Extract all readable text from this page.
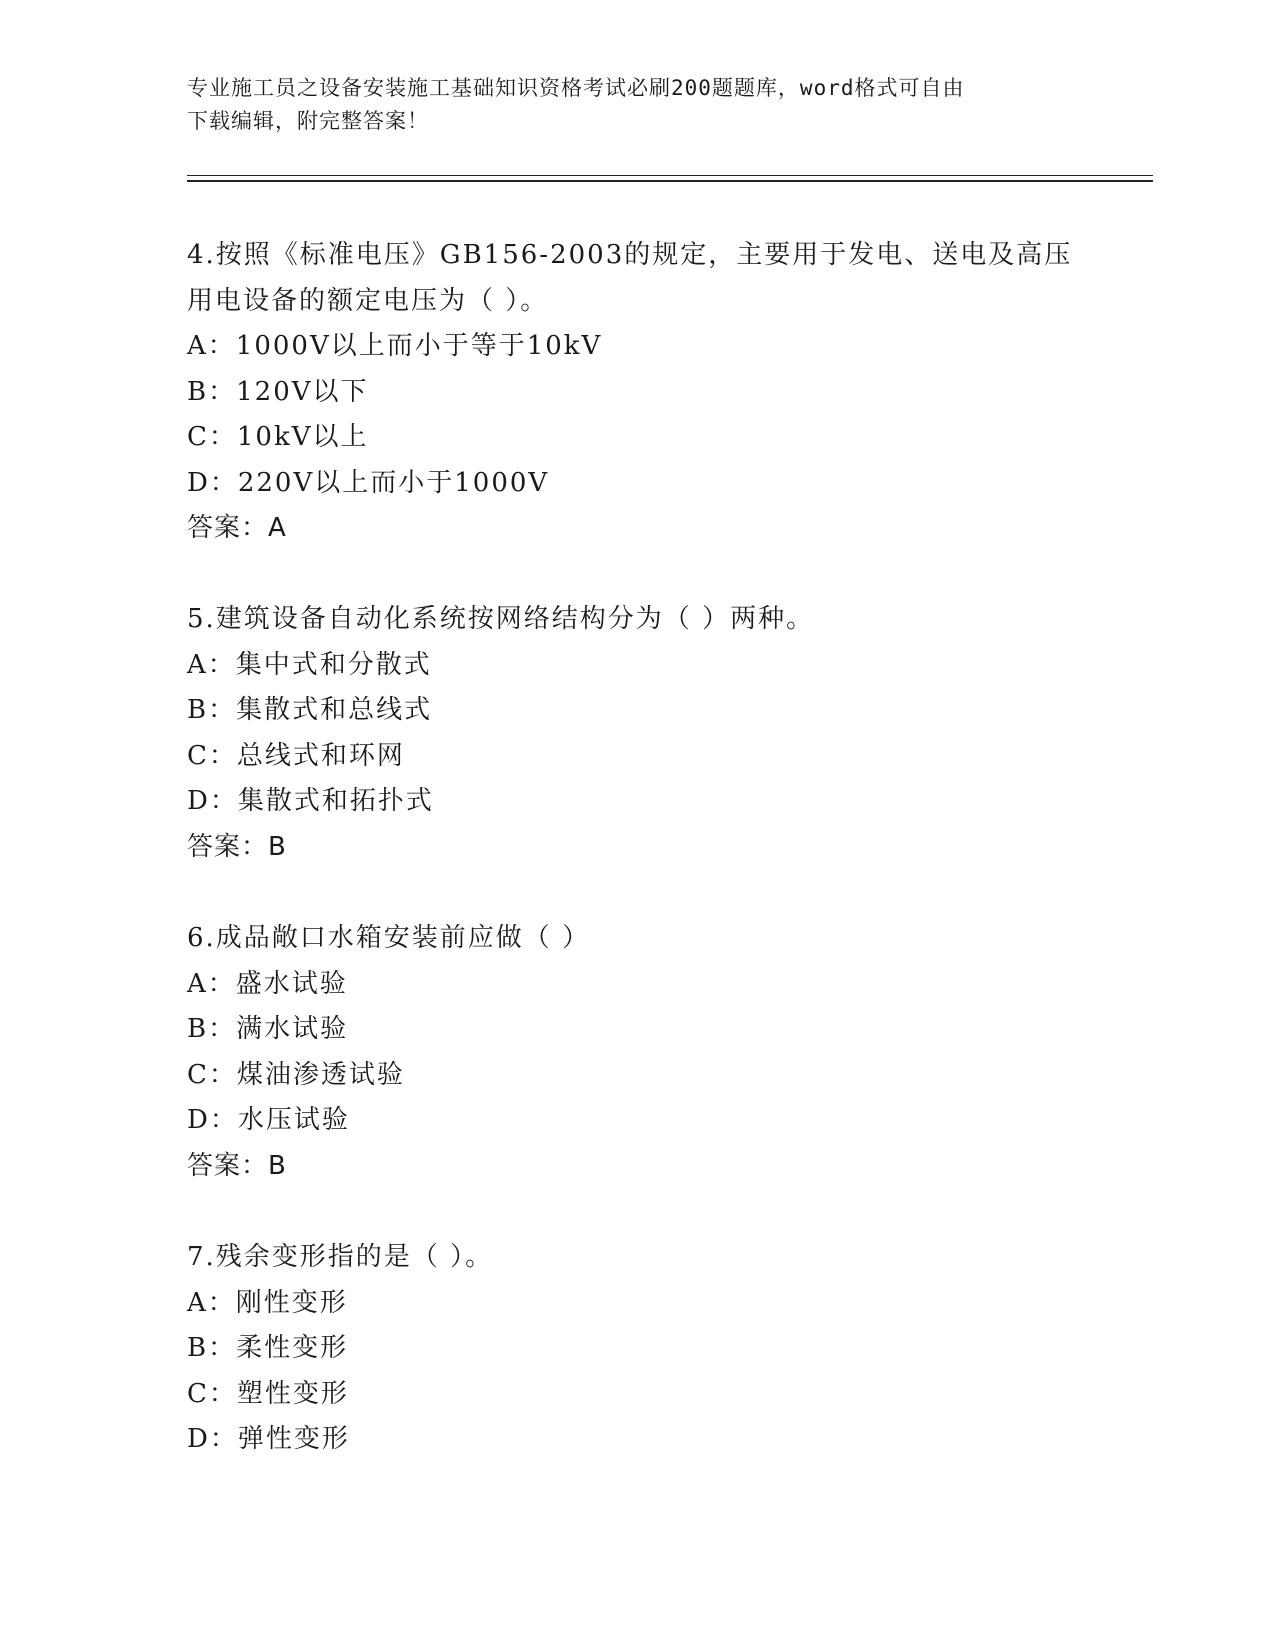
专业施工员之设备安装施工基础知识资格考试必刷200题题库，word格式可自由
下载编辑，附完整答案！
4.按照《标准电压》GB156-2003的规定，主要用于发电、送电及高压
用电设备的额定电压为（ ）。
A：1000V以上而小于等于10kV
B：120V以下
C：10kV以上
D：220V以上而小于1000V
答案：A
5.建筑设备自动化系统按网络结构分为（ ）两种。
A：集中式和分散式
B：集散式和总线式
C：总线式和环网
D：集散式和拓扑式
答案：B
6.成品敞口水箱安装前应做（ ）
A：盛水试验
B：满水试验
C：煤油渗透试验
D：水压试验
答案：B
7.残余变形指的是（ ）。
A：刚性变形
B：柔性变形
C：塑性变形
D：弹性变形
